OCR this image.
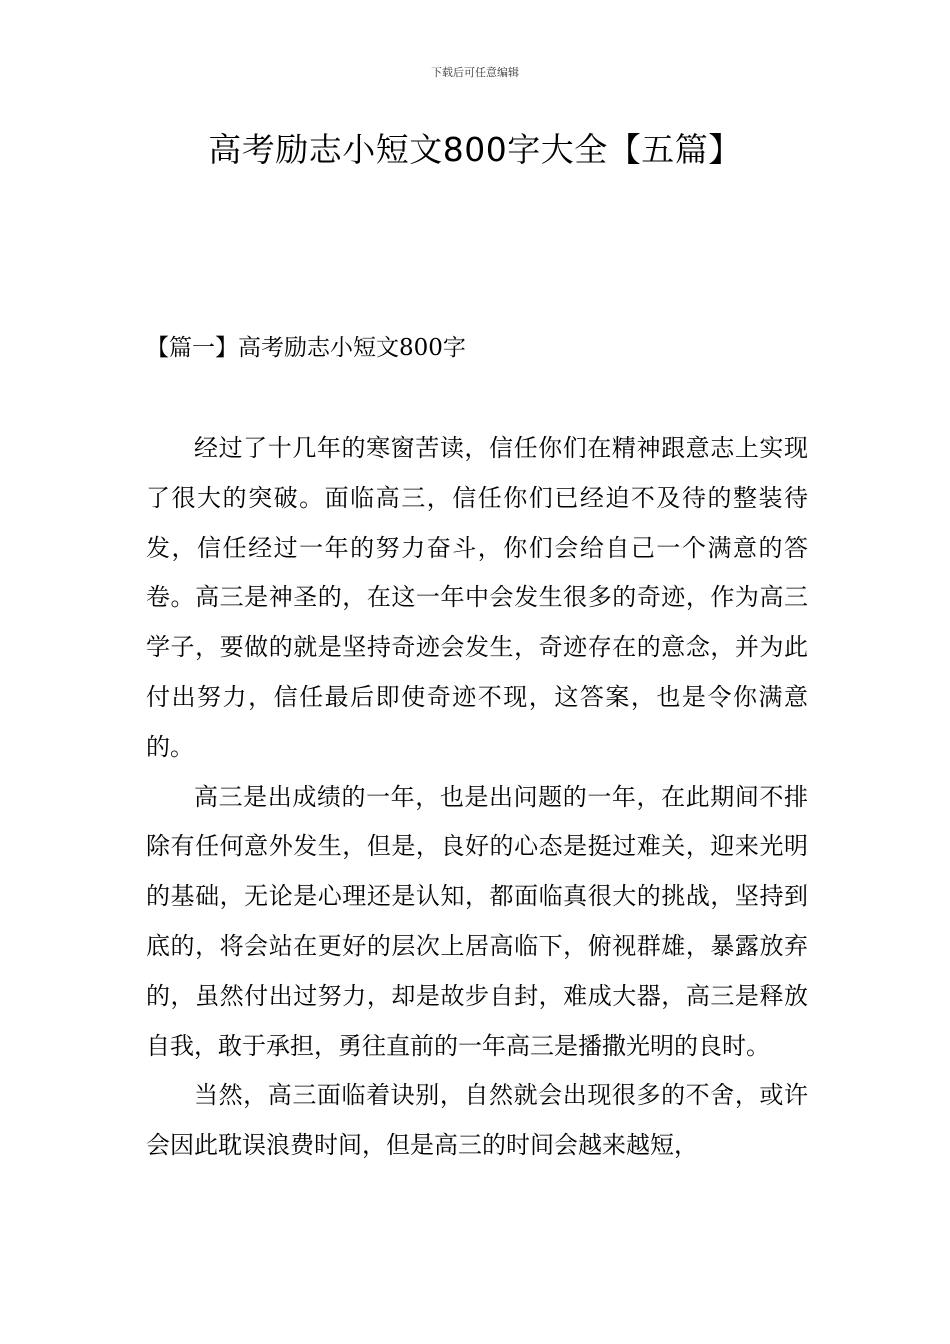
下载后可任意编辑
高考励志小短文800字大全【五篇】
【篇一】高考励志小短文800字

经过了十几年的寒窗苦读，信任你们在精神跟意志上实现了很大的突破。面临高三，信任你们已经迫不及待的整装待发，信任经过一年的努力奋斗，你们会给自己一个满意的答卷。高三是神圣的，在这一年中会发生很多的奇迹，作为高三学子，要做的就是坚持奇迹会发生，奇迹存在的意念，并为此付出努力，信任最后即使奇迹不现，这答案，也是令你满意的。

高三是出成绩的一年，也是出问题的一年，在此期间不排除有任何意外发生，但是，良好的心态是挺过难关，迎来光明的基础，无论是心理还是认知，都面临真很大的挑战，坚持到底的，将会站在更好的层次上居高临下，俯视群雄，暴露放弃的，虽然付出过努力，却是故步自封，难成大器，高三是释放自我，敢于承担，勇往直前的一年高三是播撒光明的良时。

当然，高三面临着诀别，自然就会出现很多的不舍，或许会因此耽误浪费时间，但是高三的时间会越来越短，
